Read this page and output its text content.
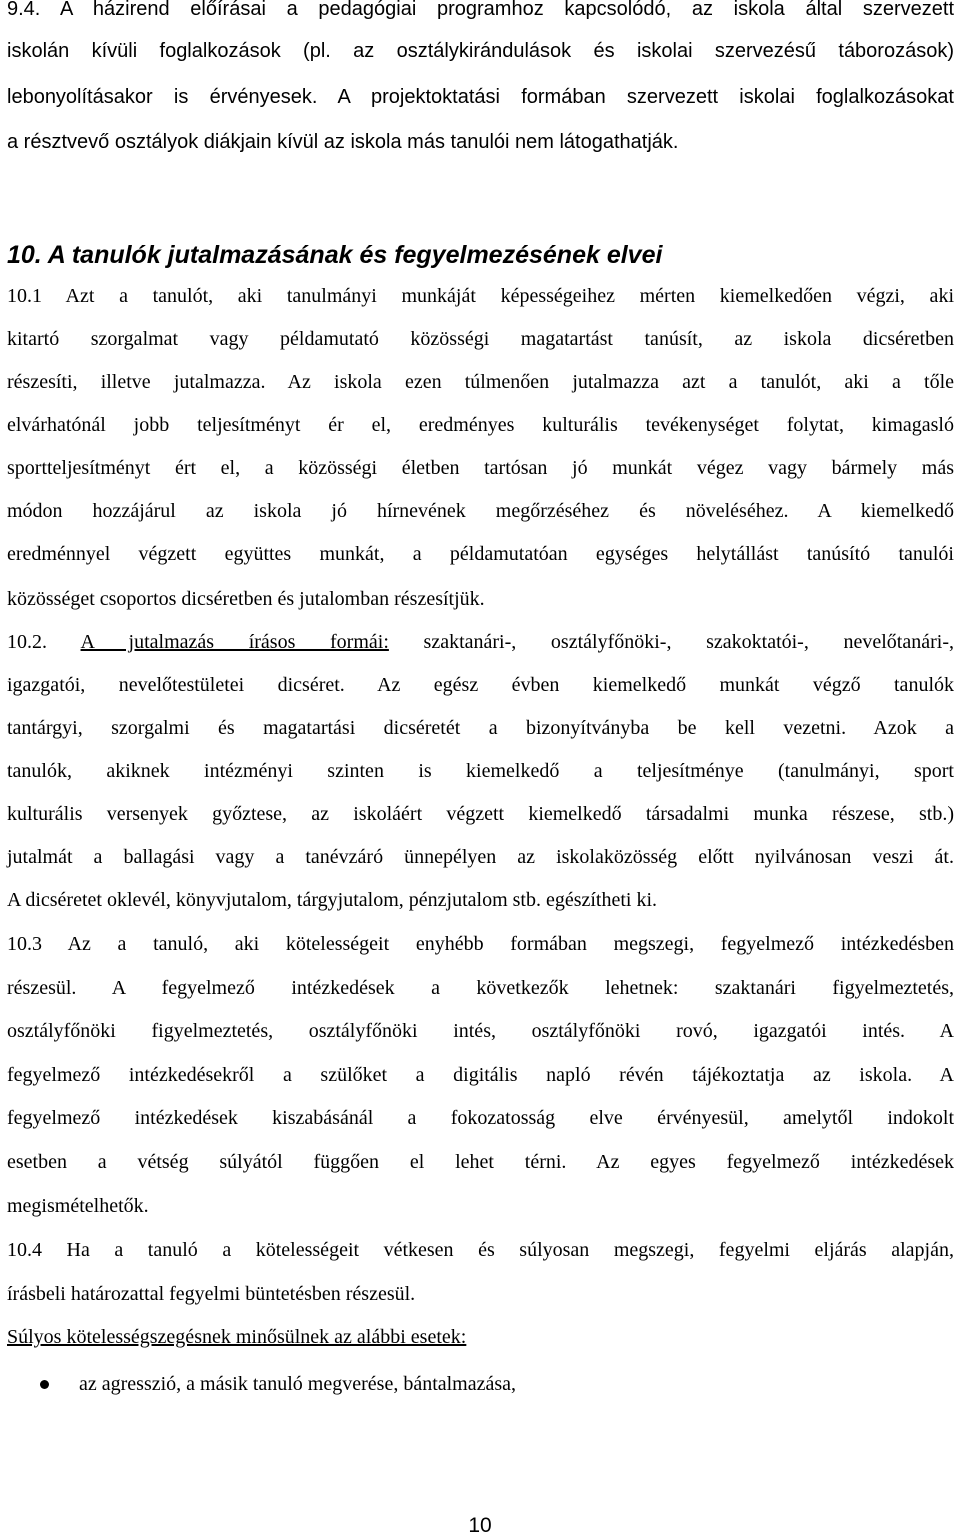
9.4. A házirend előírásai a pedagógiai programhoz kapcsolódó, az iskola által szervezett
iskolán kívüli foglalkozások (pl. az osztálykirándulások és iskolai szervezésű táborozások)
lebonyolításakor is érvényesek. A projektoktatási formában szervezett iskolai foglalkozásokat
a résztvevő osztályok diákjain kívül az iskola más tanulói nem látogathatják.
10. A tanulók jutalmazásának és fegyelmezésének elvei
10.1 Azt a tanulót, aki tanulmányi munkáját képességeihez mérten kiemelkedően végzi, aki
kitartó szorgalmat vagy példamutató közösségi magatartást tanúsít, az iskola dicséretben
részesíti, illetve jutalmazza. Az iskola ezen túlmenően jutalmazza azt a tanulót, aki a tőle
elvárhatónál jobb teljesítményt ér el, eredményes kulturális tevékenységet folytat, kimagasló
sportteljesítményt ért el, a közösségi életben tartósan jó munkát végez vagy bármely más
módon hozzájárul az iskola jó hírnevének megőrzéséhez és növeléséhez. A kiemelkedő
eredménnyel végzett együttes munkát, a példamutatóan egységes helytállást tanúsító tanulói
közösséget csoportos dicséretben és jutalomban részesítjük.
10.2. A jutalmazás írásos formái: szaktanári-, osztályfőnöki-, szakoktatói-, nevelőtanári-,
igazgatói, nevelőtestületei dicséret. Az egész évben kiemelkedő munkát végző tanulók
tantárgyi, szorgalmi és magatartási dicséretét a bizonyítványba be kell vezetni. Azok a
tanulók, akiknek intézményi szinten is kiemelkedő a teljesítménye (tanulmányi, sport
kulturális versenyek győztese, az iskoláért végzett kiemelkedő társadalmi munka részese, stb.)
jutalmát a ballagási vagy a tanévzáró ünnepélyen az iskolaközösség előtt nyilvánosan veszi át.
A dicséretet oklevél, könyvjutalom, tárgyjutalom, pénzjutalom stb. egészítheti ki.
10.3 Az a tanuló, aki kötelességeit enyhébb formában megszegi, fegyelmező intézkedésben
részesül. A fegyelmező intézkedések a következők lehetnek: szaktanári figyelmeztetés,
osztályfőnöki figyelmeztetés, osztályfőnöki intés, osztályfőnöki rovó, igazgatói intés. A
fegyelmező intézkedésekről a szülőket a digitális napló révén tájékoztatja az iskola. A
fegyelmező intézkedések kiszabásánál a fokozatosság elve érvényesül, amelytől indokolt
esetben a vétség súlyától függően el lehet térni. Az egyes fegyelmező intézkedések
megismételhetők.
10.4 Ha a tanuló a kötelességeit vétkesen és súlyosan megszegi, fegyelmi eljárás alapján,
írásbeli határozattal fegyelmi büntetésben részesül.
Súlyos kötelességszegésnek minősülnek az alábbi esetek:
az agresszió, a másik tanuló megverése, bántalmazása,
10
